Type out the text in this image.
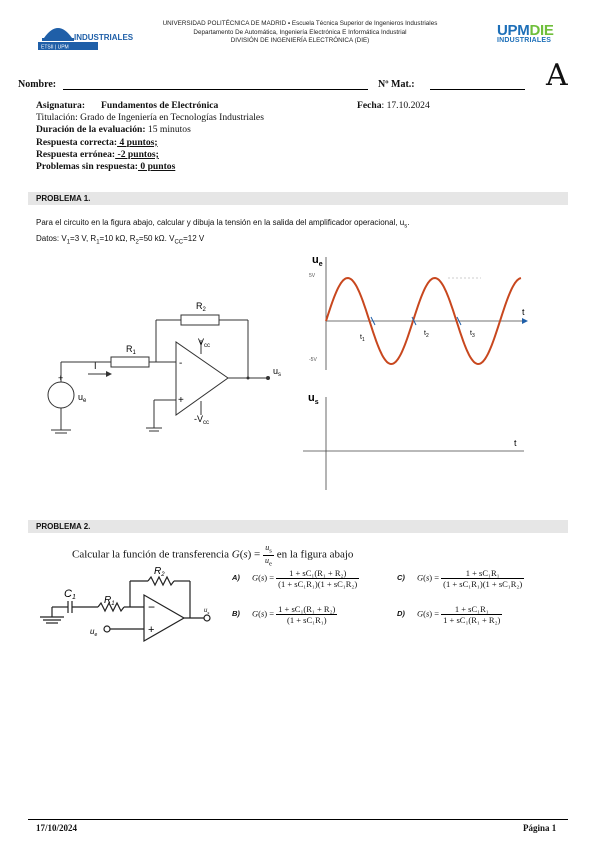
INDUSTRIALES
ETSII | UPM
UNIVERSIDAD POLITÉCNICA DE MADRID ▪ Escuela Técnica Superior de Ingenieros Industriales
Departamento De Automática, Ingeniería Electrónica E Informática Industrial
DIVISIÓN DE INGENIERÍA ELECTRÓNICA (DIE)
UPMDIE
INDUSTRIALES
A
Nombre:	Nº Mat.:
Asignatura: Fundamentos de Electrónica
Titulación: Grado de Ingeniería en Tecnologías Industriales
Duración de la evaluación: 15 minutos
Respuesta correcta: 4 puntos;
Respuesta errónea: -2 puntos;
Problemas sin respuesta: 0 puntos
Fecha: 17.10.2024
PROBLEMA 1.
Para el circuito en la figura abajo, calcular y dibuja la tensión en la salida del amplificador operacional, $u_s$.
Datos: $V_1=3$ V, $R_1=10$ kΩ, $R_2=50$ kΩ. $V_{CC}=12$ V
+
$u_e$
I
$R_1$
$R_2$
-
+
$V_{cc}$
$-V_{cc}$
$u_s$
$u_e$
5V
-5V
t
$t_1$
$t_2$	$t_3$
$u_s$
t
PROBLEMA 2.
Calcular la función de transferencia $G(s) = \frac{u_s}{u_e}$ en la figura abajo
C1	$R_1$
$R_2$
−
+
$u_e$
$u_s$
A) $G(s) = \frac{\text{1 + sC₁(R₁ + R₂)}}{\text{(1 + sC₁R₁)(1 + sC₁R₂)}}$
B) $G(s) = \frac{\text{1 + sC₁(R₁ + R₂)}}{\text{(1 + sC₁R₁)}}$
C) $G(s) = \frac{\text{1 + sC₁R₁}}{\text{(1 + sC₁R₁)(1 + sC₁R₂)}}$
D) $G(s) = \frac{\text{1 + sC₁R₁}}{\text{1 + sC₁(R₁ + R₂)}}$
17/10/2024	Página 1
